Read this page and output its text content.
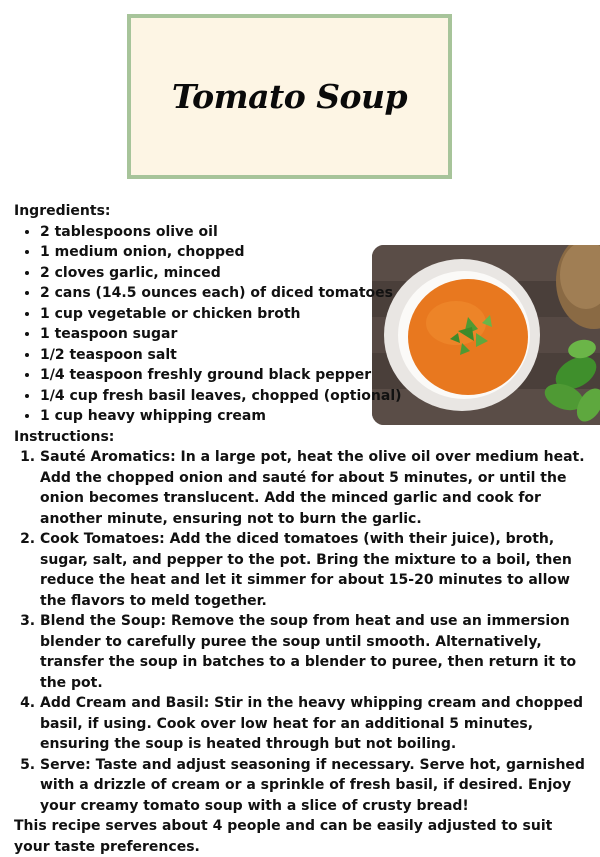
Tomato Soup

Ingredients:

• 2 tablespoons olive oil
• 1 medium onion, chopped
• 2 cloves garlic, minced
• 2 cans (14.5 ounces each) of diced tomatoes
• 1 cup vegetable or chicken broth
• 1 teaspoon sugar
• 1/2 teaspoon salt
• 1/4 teaspoon freshly ground black pepper
• 1/4 cup fresh basil leaves, chopped (optional)
• 1 cup heavy whipping cream

Instructions:

1. Sauté Aromatics: In a large pot, heat the olive oil over medium heat. Add the chopped onion and sauté for about 5 minutes, or until the onion becomes translucent. Add the minced garlic and cook for another minute, ensuring not to burn the garlic.
2. Cook Tomatoes: Add the diced tomatoes (with their juice), broth, sugar, salt, and pepper to the pot. Bring the mixture to a boil, then reduce the heat and let it simmer for about 15-20 minutes to allow the flavors to meld together.
3. Blend the Soup: Remove the soup from heat and use an immersion blender to carefully puree the soup until smooth. Alternatively, transfer the soup in batches to a blender to puree, then return it to the pot.
4. Add Cream and Basil: Stir in the heavy whipping cream and chopped basil, if using. Cook over low heat for an additional 5 minutes, ensuring the soup is heated through but not boiling.
5. Serve: Taste and adjust seasoning if necessary. Serve hot, garnished with a drizzle of cream or a sprinkle of fresh basil, if desired. Enjoy your creamy tomato soup with a slice of crusty bread!

This recipe serves about 4 people and can be easily adjusted to suit your taste preferences.
